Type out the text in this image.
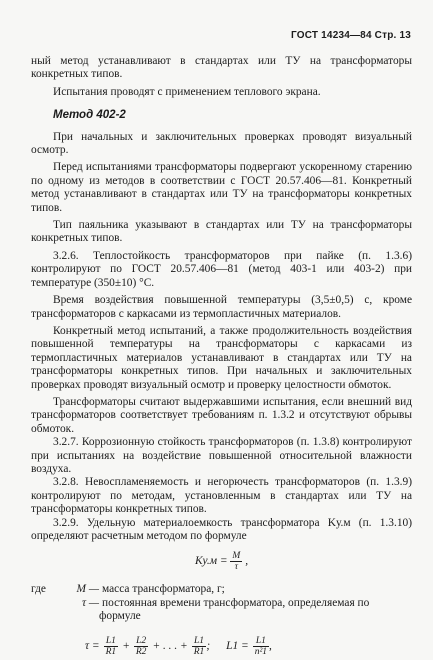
ГОСТ 14234—84 Стр. 13

ный метод устанавливают в стандартах или ТУ на трансформаторы конкретных типов.

Испытания проводят с применением теплового экрана.

Метод 402-2

При начальных и заключительных проверках проводят визуальный осмотр.

Перед испытаниями трансформаторы подвергают ускоренному старению по одному из методов в соответствии с ГОСТ 20.57.406—81. Конкретный метод устанавливают в стандартах или ТУ на трансформаторы конкретных типов.

Тип паяльника указывают в стандартах или ТУ на трансформаторы конкретных типов.

3.2.6. Теплостойкость трансформаторов при пайке (п. 1.3.6) контролируют по ГОСТ 20.57.406—81 (метод 403-1 или 403-2) при температуре (350±10) °С.

Время воздействия повышенной температуры (3,5±0,5) с, кроме трансформаторов с каркасами из термопластичных материалов.

Конкретный метод испытаний, а также продолжительность воздействия повышенной температуры на трансформаторы с каркасами из термопластичных материалов устанавливают в стандартах или ТУ на трансформаторы конкретных типов. При начальных и заключительных проверках проводят визуальный осмотр и проверку целостности обмоток.

Трансформаторы считают выдержавшими испытания, если внешний вид трансформаторов соответствует требованиям п. 1.3.2 и отсутствуют обрывы обмоток.

3.2.7. Коррозионную стойкость трансформаторов (п. 1.3.8) контролируют при испытаниях на воздействие повышенной относительной влажности воздуха.

3.2.8. Невоспламеняемость и негорючесть трансформаторов (п. 1.3.9) контролируют по методам, установленным в стандартах или ТУ на трансформаторы конкретных типов.

3.2.9. Удельную материалоемкость трансформатора Kу.м (п. 1.3.10) определяют расчетным методом по формуле

$Kу.м = \frac{M}{\tau}$ ,
где	M — масса трансформатора, г;
τ — постоянная времени трансформатора, определяемая по
формуле
$\tau = \frac{L1}{R1} + \frac{L2}{R2}$ + . . . + $\frac{L1}{R1}$ ; $L1 = \frac{L1}{\text{n²1}}$ ,
